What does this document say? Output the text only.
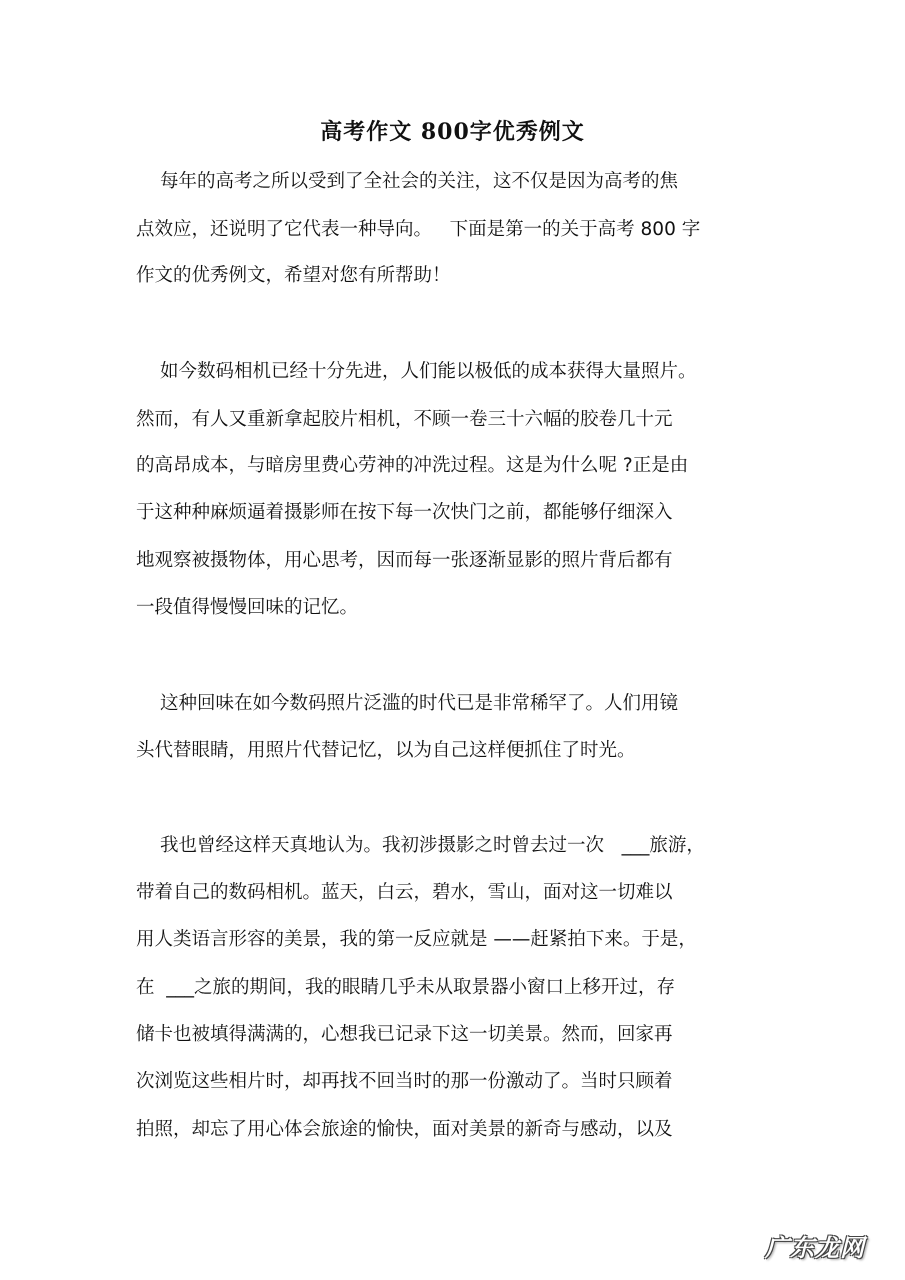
高考作文 800字优秀例文
每年的高考之所以受到了全社会的关注，这不仅是因为高考的焦
点效应，还说明了它代表一种导向。   下面是第一的关于高考 800 字
作文的优秀例文，希望对您有所帮助！
如今数码相机已经十分先进，人们能以极低的成本获得大量照片。
然而，有人又重新拿起胶片相机，不顾一卷三十六幅的胶卷几十元
的高昂成本，与暗房里费心劳神的冲洗过程。这是为什么呢 ?正是由
于这种种麻烦逼着摄影师在按下每一次快门之前，都能够仔细深入
地观察被摄物体，用心思考，因而每一张逐渐显影的照片背后都有
一段值得慢慢回味的记忆。
这种回味在如今数码照片泛滥的时代已是非常稀罕了。人们用镜
头代替眼睛，用照片代替记忆，以为自己这样便抓住了时光。
我也曾经这样天真地认为。我初涉摄影之时曾去过一次   ___旅游，
带着自己的数码相机。蓝天，白云，碧水，雪山，面对这一切难以
用人类语言形容的美景，我的第一反应就是 ——赶紧拍下来。于是，
在  ___之旅的期间，我的眼睛几乎未从取景器小窗口上移开过，存
储卡也被填得满满的，心想我已记录下这一切美景。然而，回家再
次浏览这些相片时，却再找不回当时的那一份激动了。当时只顾着
拍照，却忘了用心体会旅途的愉快，面对美景的新奇与感动，以及
广东龙网
